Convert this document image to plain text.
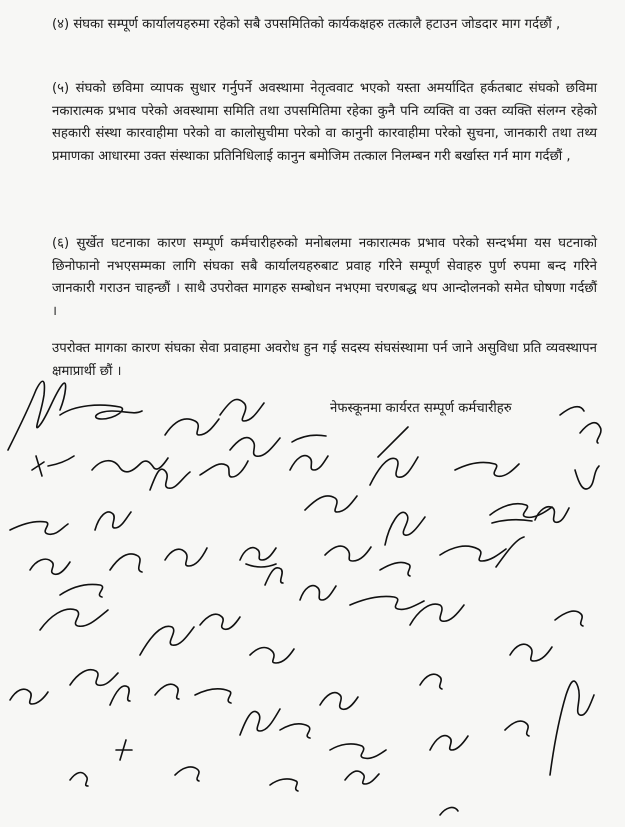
(४) संघका सम्पूर्ण कार्यालयहरुमा रहेको सबै उपसमितिको कार्यकक्षहरु तत्कालै हटाउन जोडदार माग गर्दछौं ,

(५) संघको छविमा व्यापक सुधार गर्नुपर्ने अवस्थामा नेतृत्ववाट भएको यस्ता अमर्यादित हर्कतबाट संघको छविमा नकारात्मक प्रभाव परेको अवस्थामा समिति तथा उपसमितिमा रहेका कुनै पनि व्यक्ति वा उक्त व्यक्ति संलग्न रहेको सहकारी संस्था कारवाहीमा परेको वा कालोसुचीमा परेको वा कानुनी कारवाहीमा परेको सुचना, जानकारी तथा तथ्य प्रमाणका आधारमा उक्त संस्थाका प्रतिनिधिलाई कानुन बमोजिम तत्काल निलम्बन गरी बर्खास्त गर्न माग गर्दछौं ,

(६) सुर्खेत घटनाका कारण सम्पूर्ण कर्मचारीहरुको मनोबलमा नकारात्मक प्रभाव परेको सन्दर्भमा यस घटनाको छिनोफानो नभएसम्मका लागि संघका सबै कार्यालयहरुबाट प्रवाह गरिने सम्पूर्ण सेवाहरु पुर्ण रुपमा बन्द गरिने जानकारी गराउन चाहन्छौं । साथै उपरोक्त मागहरु सम्बोधन नभएमा चरणबद्ध थप आन्दोलनको समेत घोषणा गर्दछौं ।

उपरोक्त मागका कारण संघका सेवा प्रवाहमा अवरोध हुन गई सदस्य संघसंस्थामा पर्न जाने असुविधा प्रति व्यवस्थापन क्षमाप्रार्थी छौं ।

नेफस्कूनमा कार्यरत सम्पूर्ण कर्मचारीहरु
